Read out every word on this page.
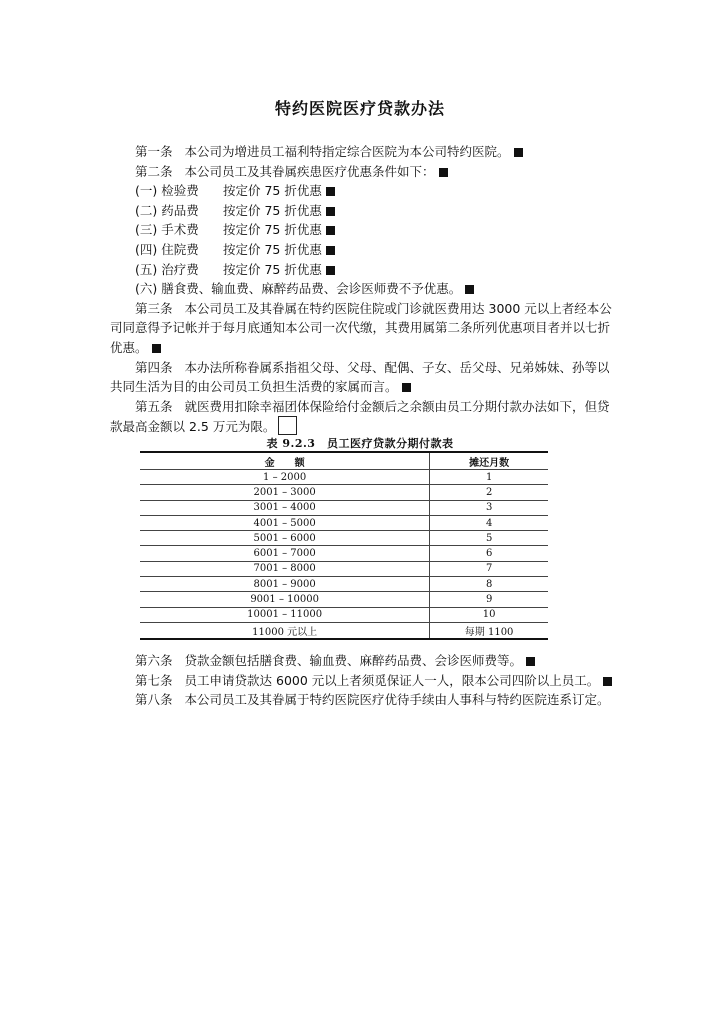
特约医院医疗贷款办法
第一条 本公司为增进员工福利特指定综合医院为本公司特约医院。
第二条 本公司员工及其眷属疾患医疗优惠条件如下：
(一) 检验费 按定价 75 折优惠
(二) 药品费 按定价 75 折优惠
(三) 手术费 按定价 75 折优惠
(四) 住院费 按定价 75 折优惠
(五) 治疗费 按定价 75 折优惠
(六) 膳食费、输血费、麻醉药品费、会诊医师费不予优惠。
第三条 本公司员工及其眷属在特约医院住院或门诊就医费用达 3000 元以上者经本公
司同意得予记帐并于每月底通知本公司一次代缴，其费用属第二条所列优惠项目者并以七折
优惠。
第四条 本办法所称眷属系指祖父母、父母、配偶、子女、岳父母、兄弟姊妹、孙等以
共同生活为目的由公司员工负担生活费的家属而言。
第五条 就医费用扣除幸福团体保险给付金额后之余额由员工分期付款办法如下，但贷
款最高金额以 2.5 万元为限。
表 9.2.3　员工医疗贷款分期付款表
金　　额	摊还月数
1 – 2000	1
2001 – 3000	2
3001 – 4000	3
4001 – 5000	4
5001 – 6000	5
6001 – 7000	6
7001 – 8000	7
8001 – 9000	8
9001 – 10000	9
10001 – 11000	10
11000 元以上	每期 1100
第六条 贷款金额包括膳食费、输血费、麻醉药品费、会诊医师费等。
第七条 员工申请贷款达 6000 元以上者须觅保证人一人，限本公司四阶以上员工。
第八条 本公司员工及其眷属于特约医院医疗优待手续由人事科与特约医院连系订定。
